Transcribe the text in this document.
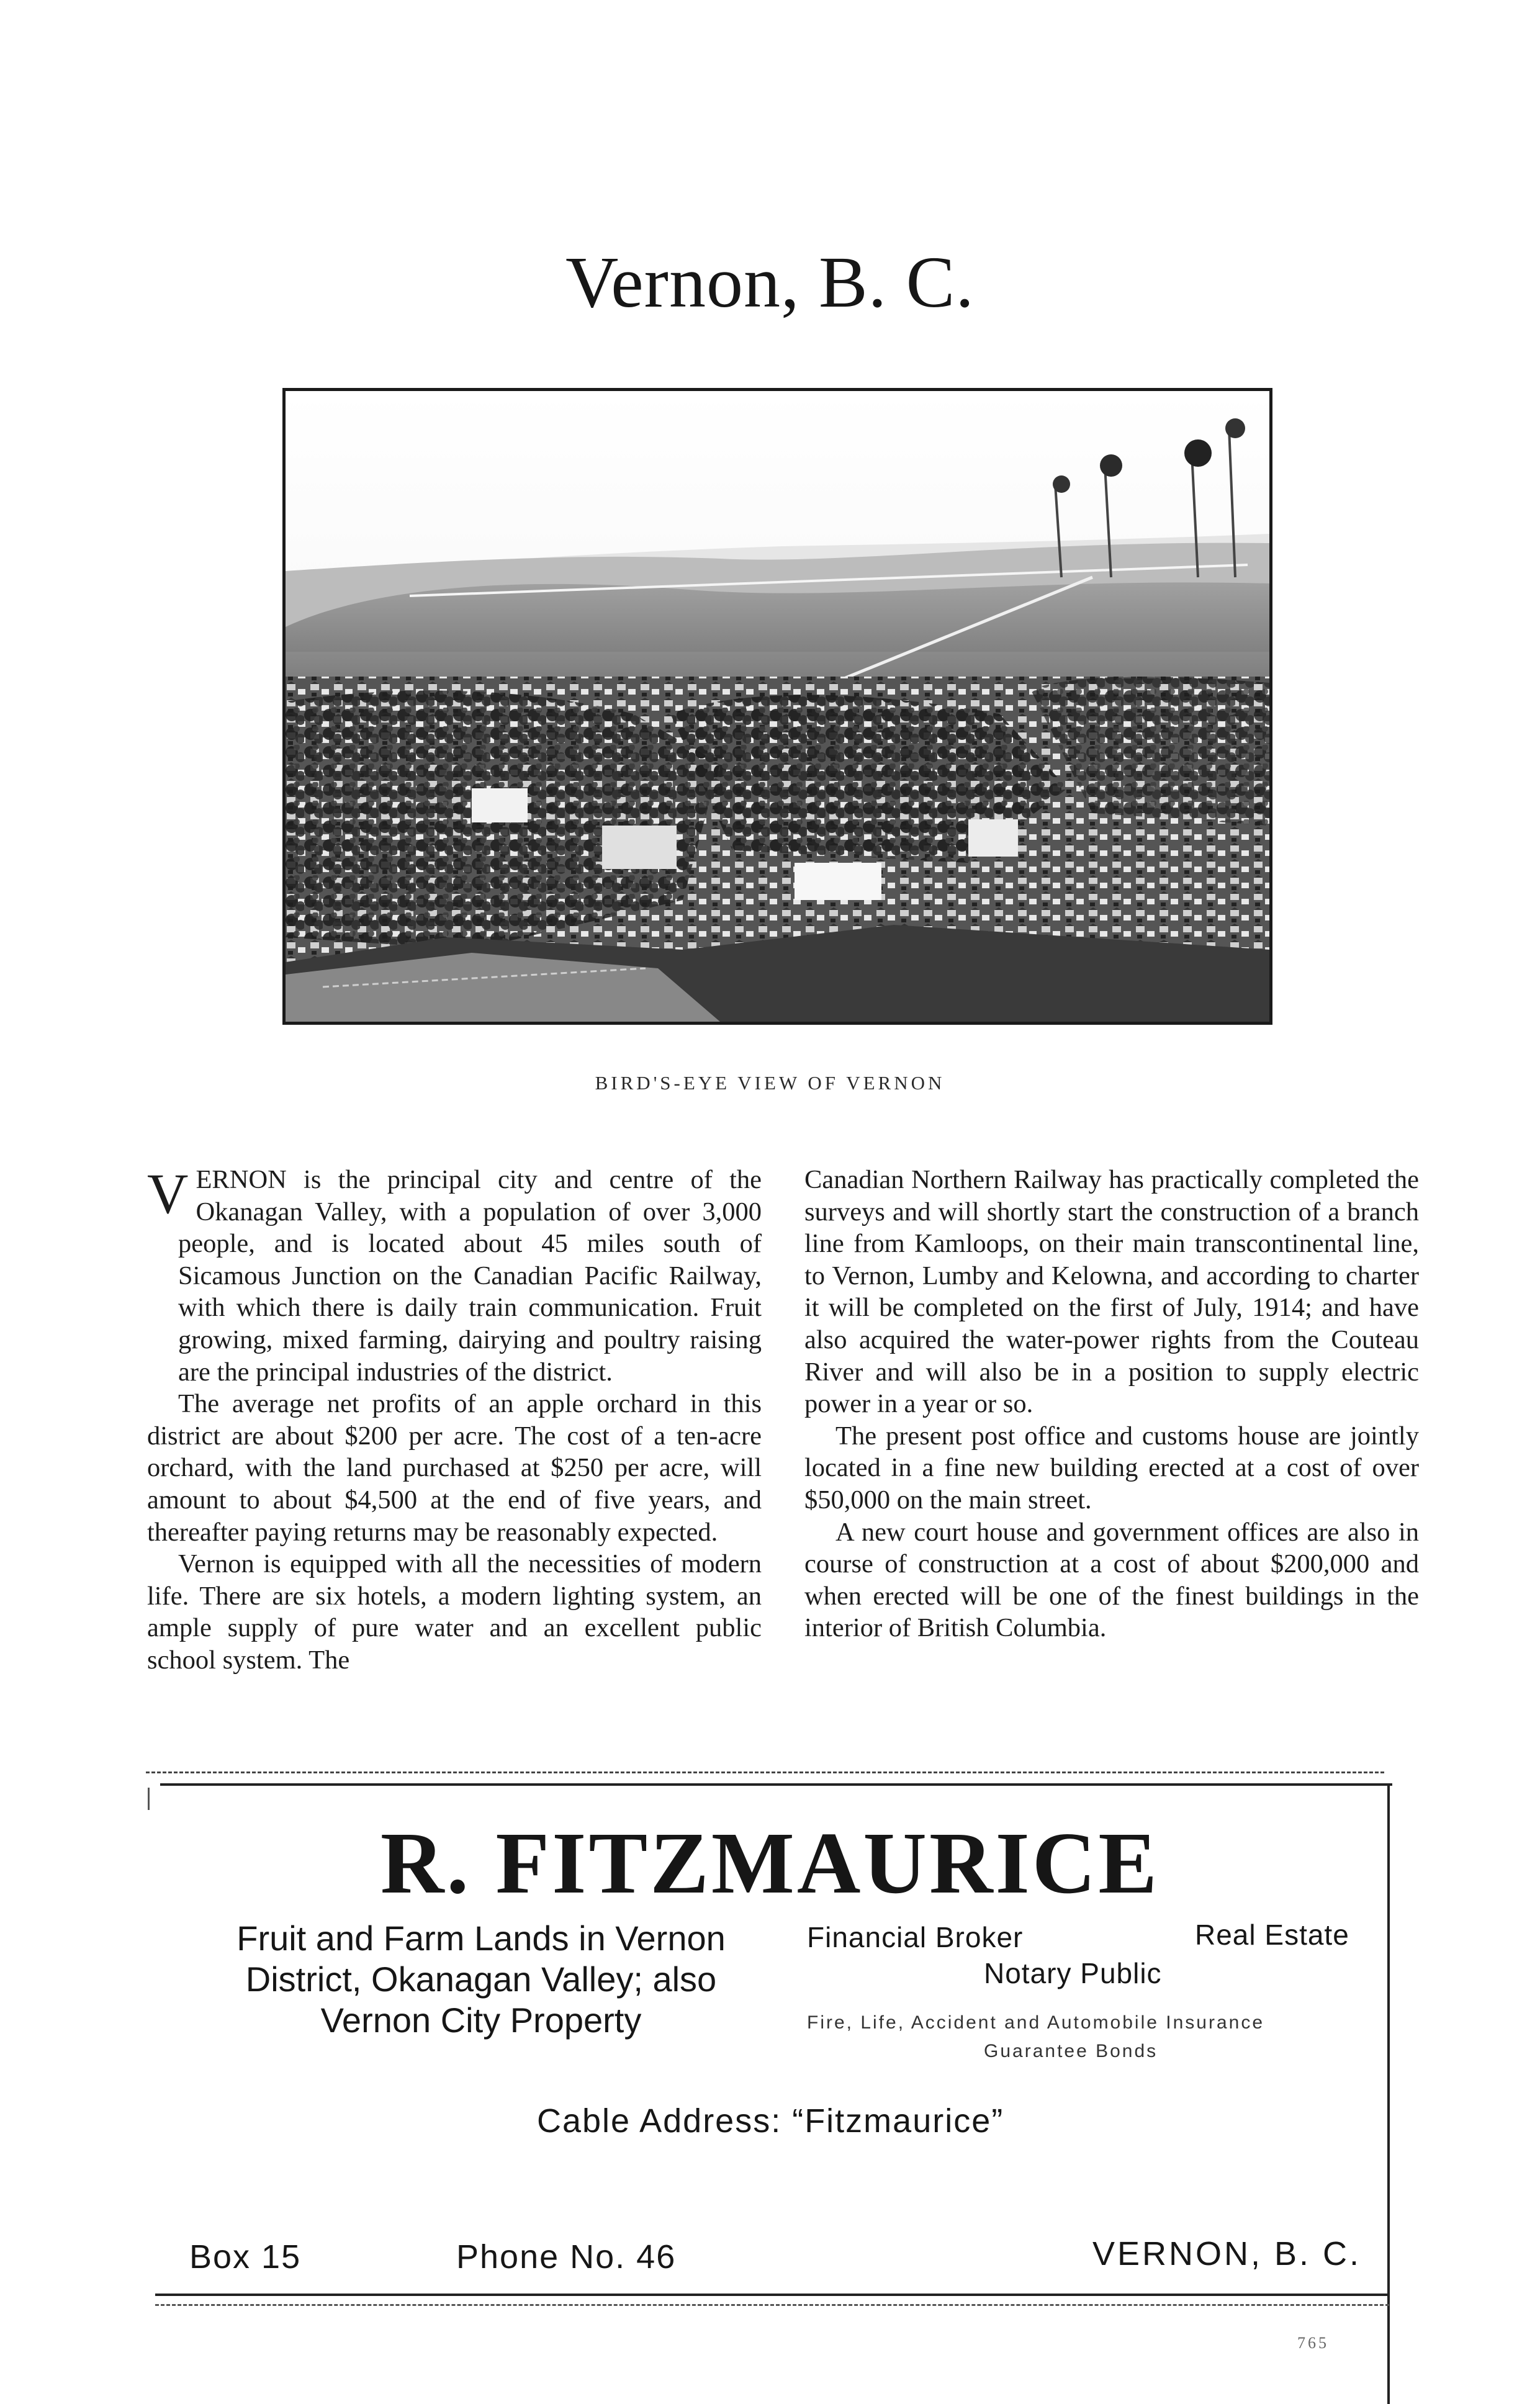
Vernon, B. C.
BIRD'S-EYE VIEW OF VERNON

VERNON is the principal city and centre of the Okanagan Valley, with a population of over 3,000 people, and is located about 45 miles south of Sicamous Junction on the Canadian Pacific Railway, with which there is daily train communication. Fruit growing, mixed farming, dairying and poultry raising are the principal industries of the district.

The average net profits of an apple orchard in this district are about $200 per acre. The cost of a ten-acre orchard, with the land purchased at $250 per acre, will amount to about $4,500 at the end of five years, and thereafter paying returns may be reasonably expected.

Vernon is equipped with all the necessities of modern life. There are six hotels, a modern lighting system, an ample supply of pure water and an excellent public school system. The

Canadian Northern Railway has practically completed the surveys and will shortly start the construction of a branch line from Kamloops, on their main transcontinental line, to Vernon, Lumby and Kelowna, and according to charter it will be completed on the first of July, 1914; and have also acquired the water-power rights from the Couteau River and will also be in a position to supply electric power in a year or so.

The present post office and customs house are jointly located in a fine new building erected at a cost of over $50,000 on the main street.

A new court house and government offices are also in course of construction at a cost of about $200,000 and when erected will be one of the finest buildings in the interior of British Columbia.

R. FITZMAURICE
Fruit and Farm Lands in Vernon
District, Okanagan Valley; also
Vernon City Property
Financial Broker	Real Estate
Notary Public
Fire, Life, Accident and Automobile Insurance
Guarantee Bonds
Cable Address: “Fitzmaurice”
Box 15	Phone No. 46	VERNON, B. C.
765
